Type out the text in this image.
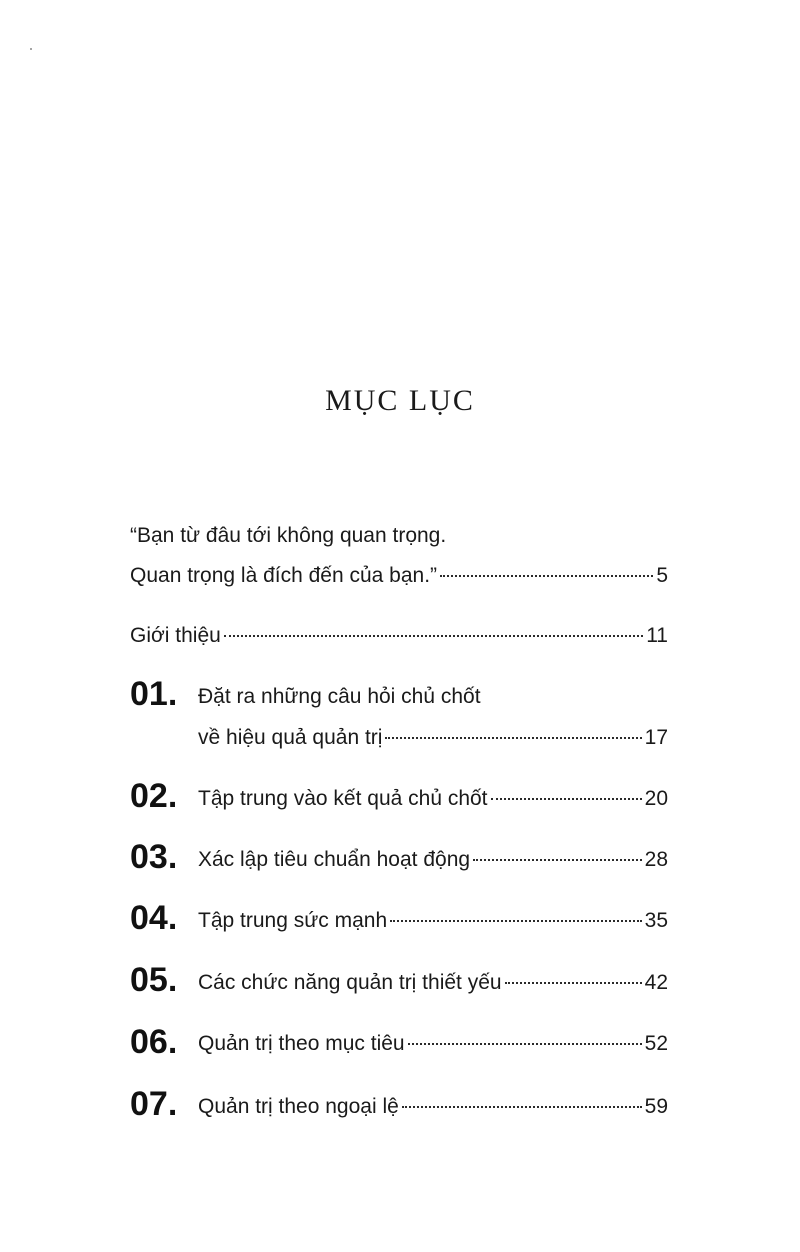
MỤC LỤC
“Bạn từ đâu tới không quan trọng.
Quan trọng là đích đến của bạn.”	5
Giới thiệu	11
01. Đặt ra những câu hỏi chủ chốt
về hiệu quả quản trị	17
02. Tập trung vào kết quả chủ chốt	20
03. Xác lập tiêu chuẩn hoạt động	28
04. Tập trung sức mạnh	35
05. Các chức năng quản trị thiết yếu	42
06. Quản trị theo mục tiêu	52
07. Quản trị theo ngoại lệ	59
